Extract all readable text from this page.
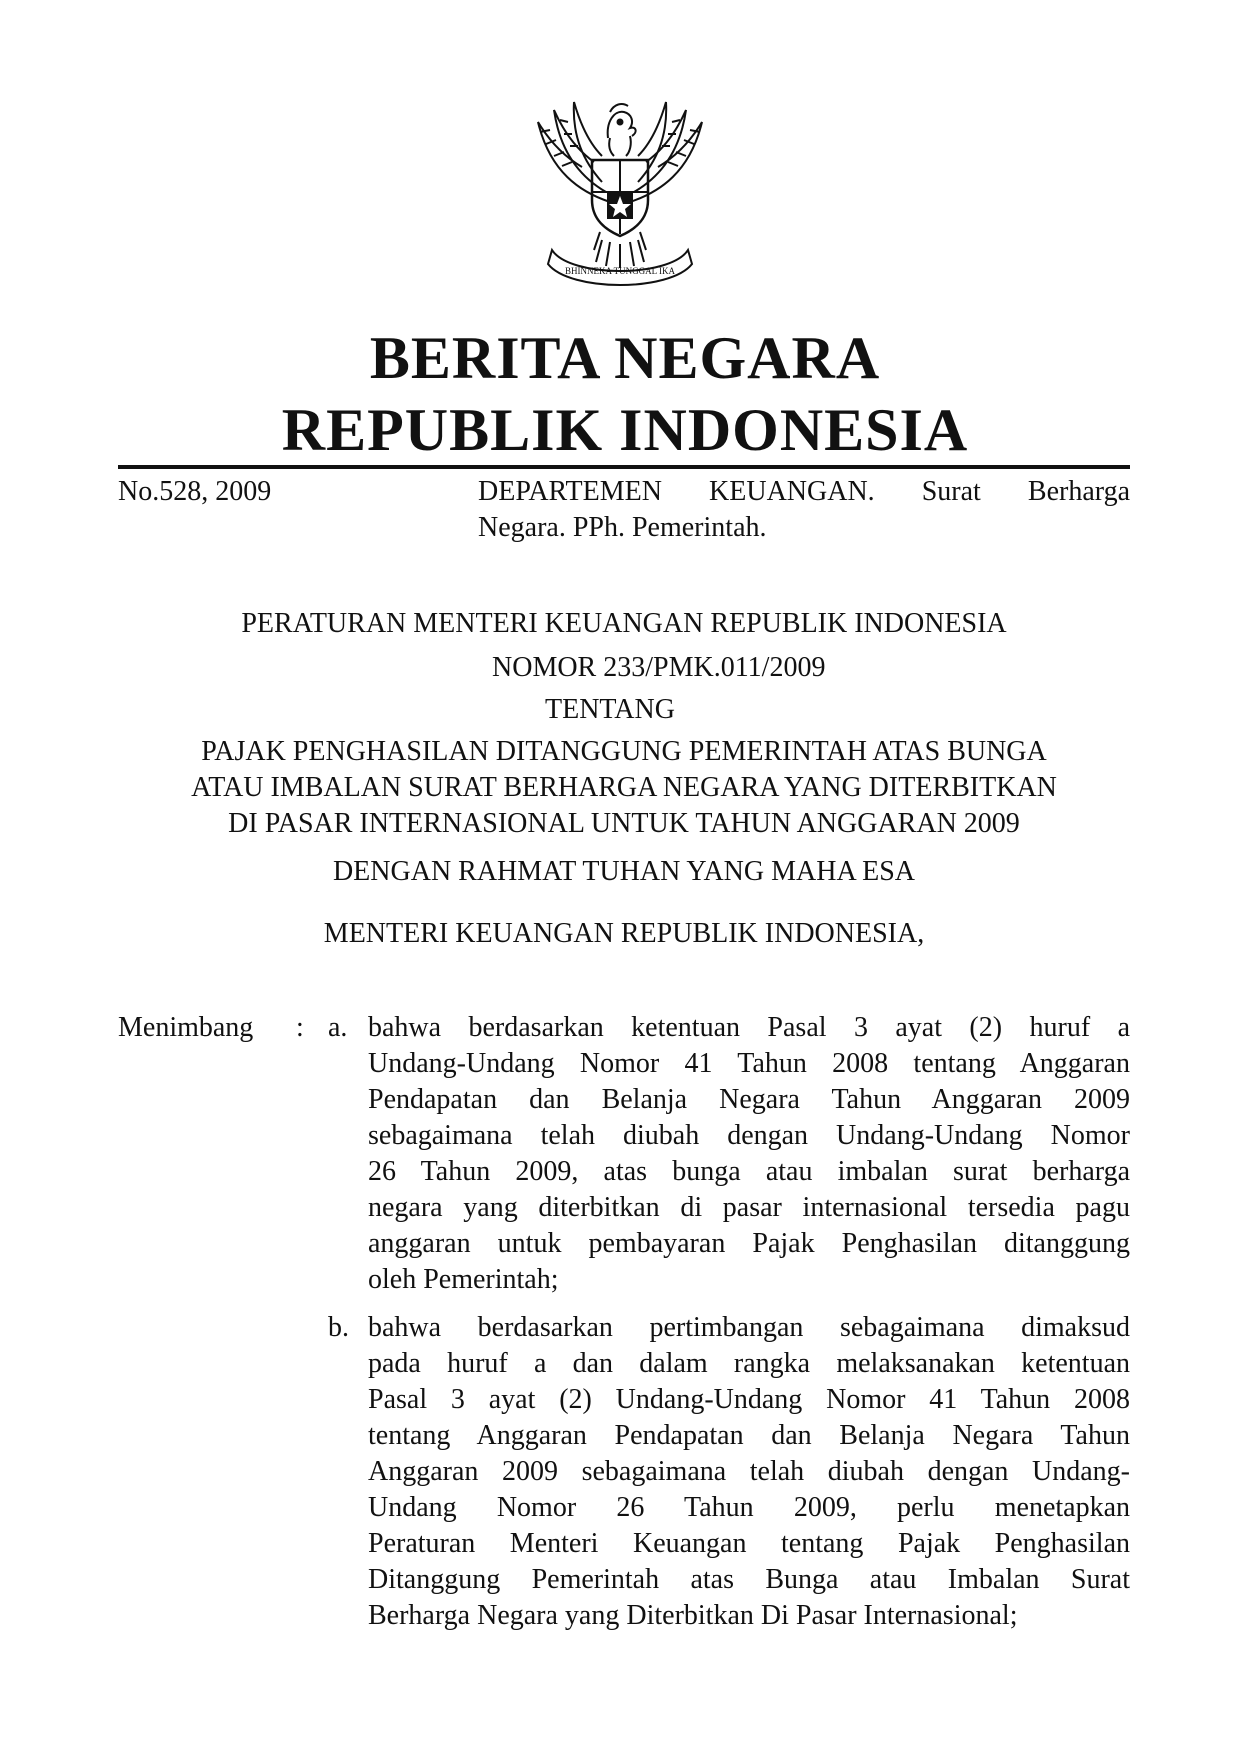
BHINNEKA TUNGGAL IKA
BERITA NEGARA
REPUBLIK INDONESIA
No.528, 2009	DEPARTEMEN KEUANGAN. Surat Berharga
Negara. PPh. Pemerintah.
PERATURAN MENTERI KEUANGAN REPUBLIK INDONESIA
NOMOR 233/PMK.011/2009
TENTANG
PAJAK PENGHASILAN DITANGGUNG PEMERINTAH ATAS BUNGA
ATAU IMBALAN SURAT BERHARGA NEGARA YANG DITERBITKAN
DI PASAR INTERNASIONAL UNTUK TAHUN ANGGARAN 2009
DENGAN RAHMAT TUHAN YANG MAHA ESA
MENTERI KEUANGAN REPUBLIK INDONESIA,
Menimbang : a. bahwa berdasarkan ketentuan Pasal 3 ayat (2) huruf a
Undang-Undang Nomor 41 Tahun 2008 tentang Anggaran
Pendapatan dan Belanja Negara Tahun Anggaran 2009
sebagaimana telah diubah dengan Undang-Undang Nomor
26 Tahun 2009, atas bunga atau imbalan surat berharga
negara yang diterbitkan di pasar internasional tersedia pagu
anggaran untuk pembayaran Pajak Penghasilan ditanggung
oleh Pemerintah;
b. bahwa berdasarkan pertimbangan sebagaimana dimaksud
pada huruf a dan dalam rangka melaksanakan ketentuan
Pasal 3 ayat (2) Undang-Undang Nomor 41 Tahun 2008
tentang Anggaran Pendapatan dan Belanja Negara Tahun
Anggaran 2009 sebagaimana telah diubah dengan Undang-
Undang Nomor 26 Tahun 2009, perlu menetapkan
Peraturan Menteri Keuangan tentang Pajak Penghasilan
Ditanggung Pemerintah atas Bunga atau Imbalan Surat
Berharga Negara yang Diterbitkan Di Pasar Internasional;
